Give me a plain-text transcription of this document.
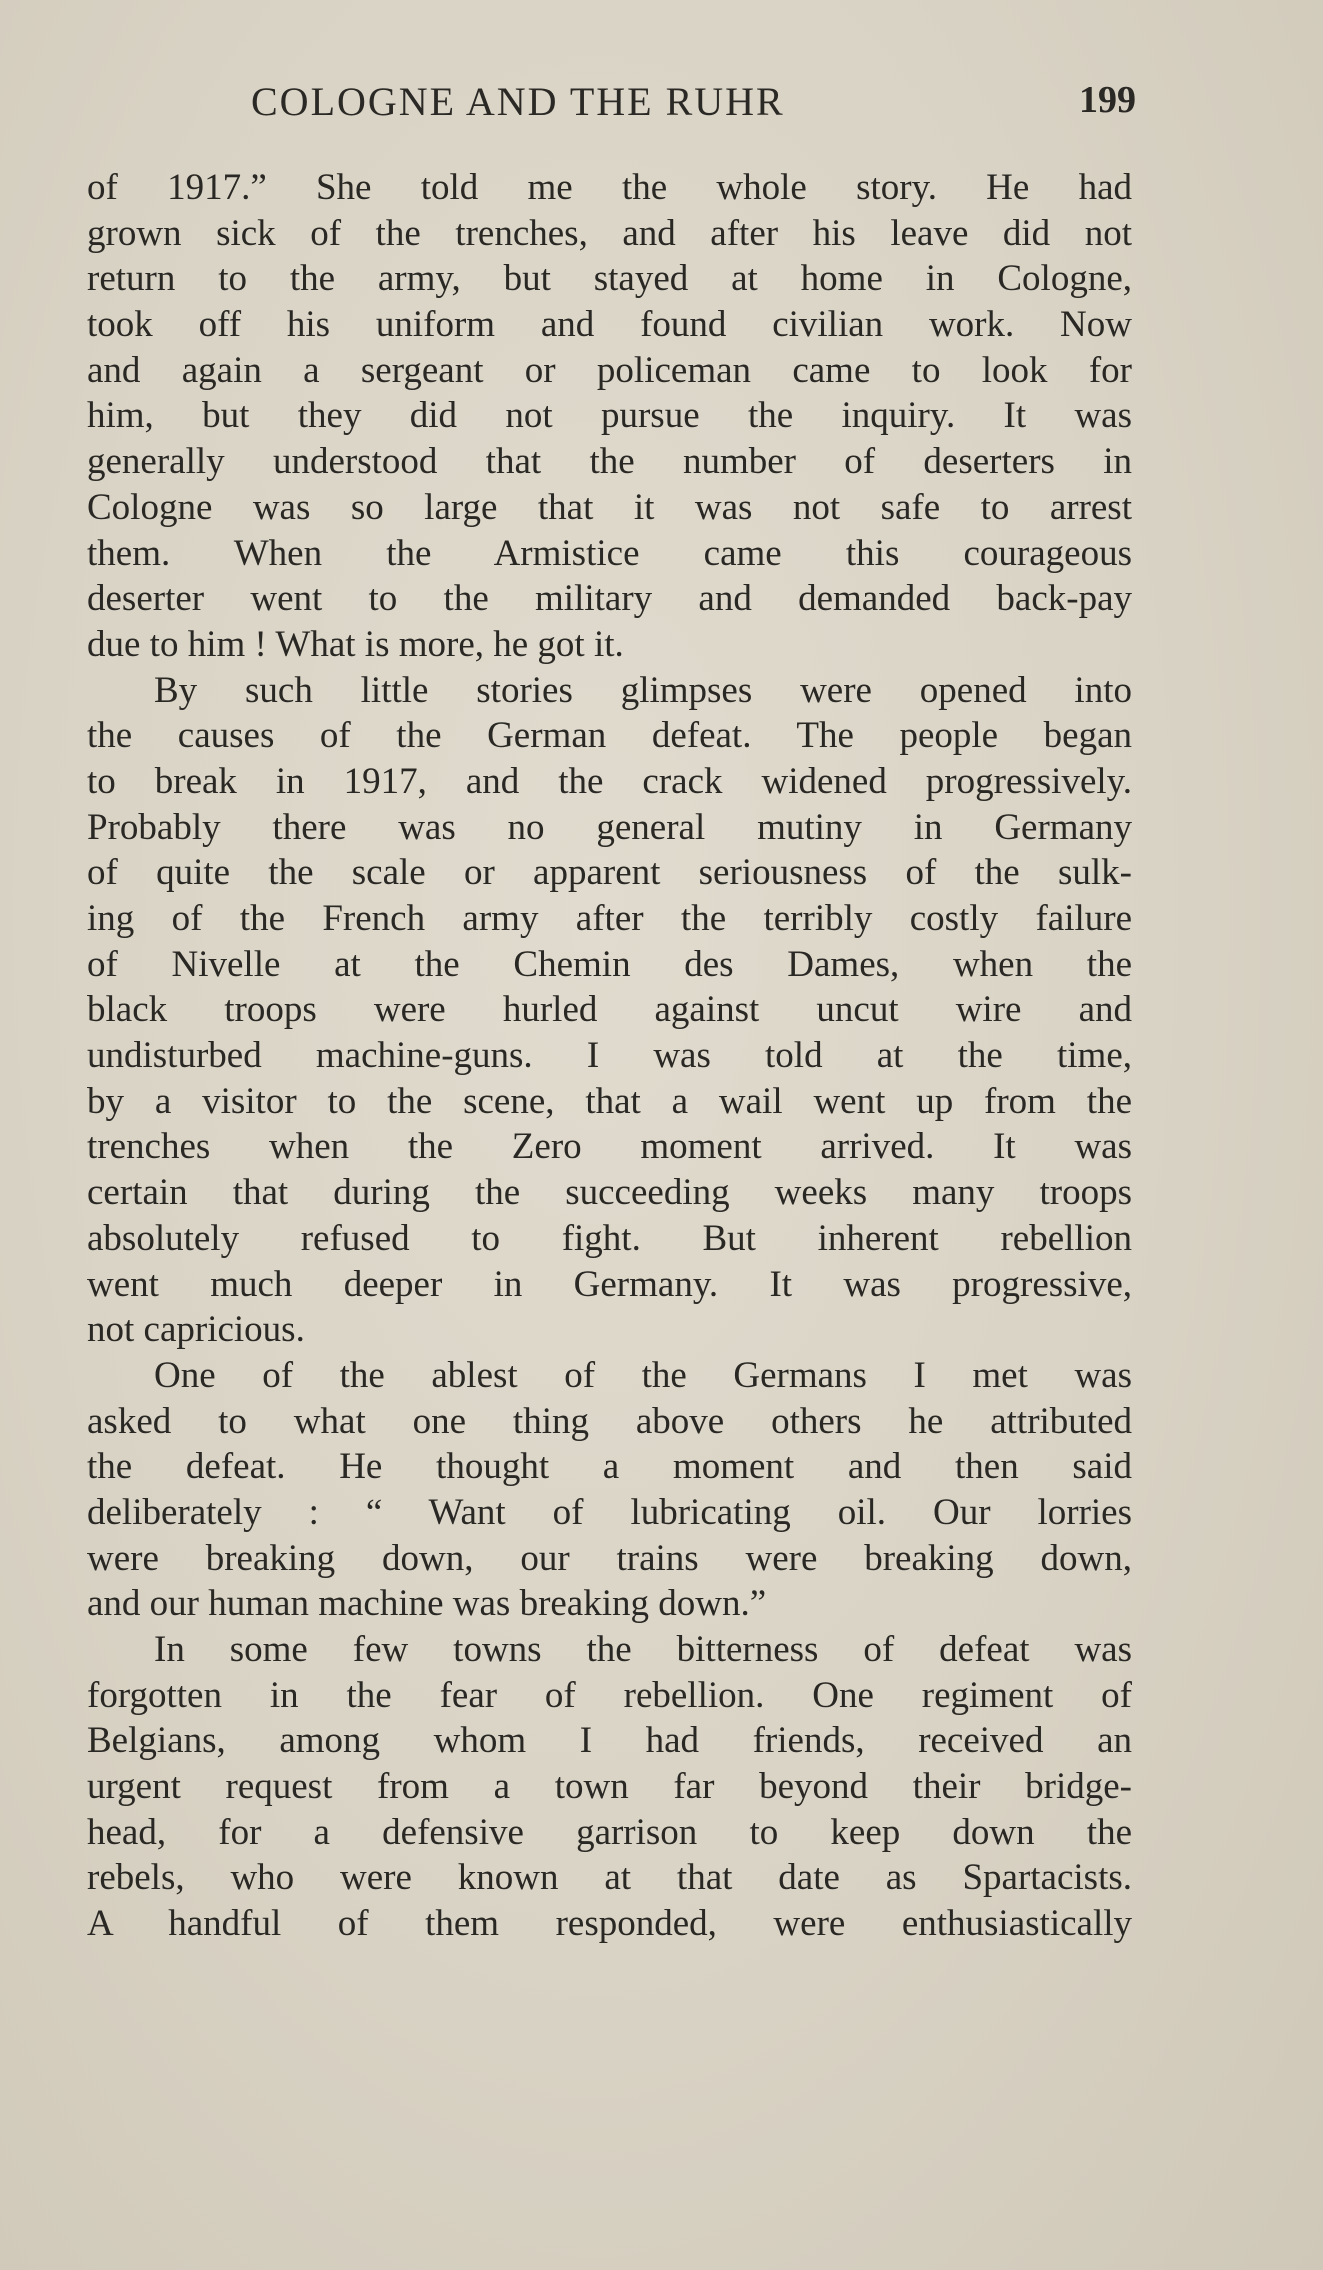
COLOGNE AND THE RUHR	199
of 1917.” She told me the whole story. He had
grown sick of the trenches, and after his leave did not
return to the army, but stayed at home in Cologne,
took off his uniform and found civilian work. Now
and again a sergeant or policeman came to look for
him, but they did not pursue the inquiry. It was
generally understood that the number of deserters in
Cologne was so large that it was not safe to arrest
them. When the Armistice came this courageous
deserter went to the military and demanded back-pay
due to him ! What is more, he got it.
By such little stories glimpses were opened into
the causes of the German defeat. The people began
to break in 1917, and the crack widened progressively.
Probably there was no general mutiny in Germany
of quite the scale or apparent seriousness of the sulk-
ing of the French army after the terribly costly failure
of Nivelle at the Chemin des Dames, when the
black troops were hurled against uncut wire and
undisturbed machine-guns. I was told at the time,
by a visitor to the scene, that a wail went up from the
trenches when the Zero moment arrived. It was
certain that during the succeeding weeks many troops
absolutely refused to fight. But inherent rebellion
went much deeper in Germany. It was progressive,
not capricious.
One of the ablest of the Germans I met was
asked to what one thing above others he attributed
the defeat. He thought a moment and then said
deliberately : “ Want of lubricating oil. Our lorries
were breaking down, our trains were breaking down,
and our human machine was breaking down.”
In some few towns the bitterness of defeat was
forgotten in the fear of rebellion. One regiment of
Belgians, among whom I had friends, received an
urgent request from a town far beyond their bridge-
head, for a defensive garrison to keep down the
rebels, who were known at that date as Spartacists.
A handful of them responded, were enthusiastically
